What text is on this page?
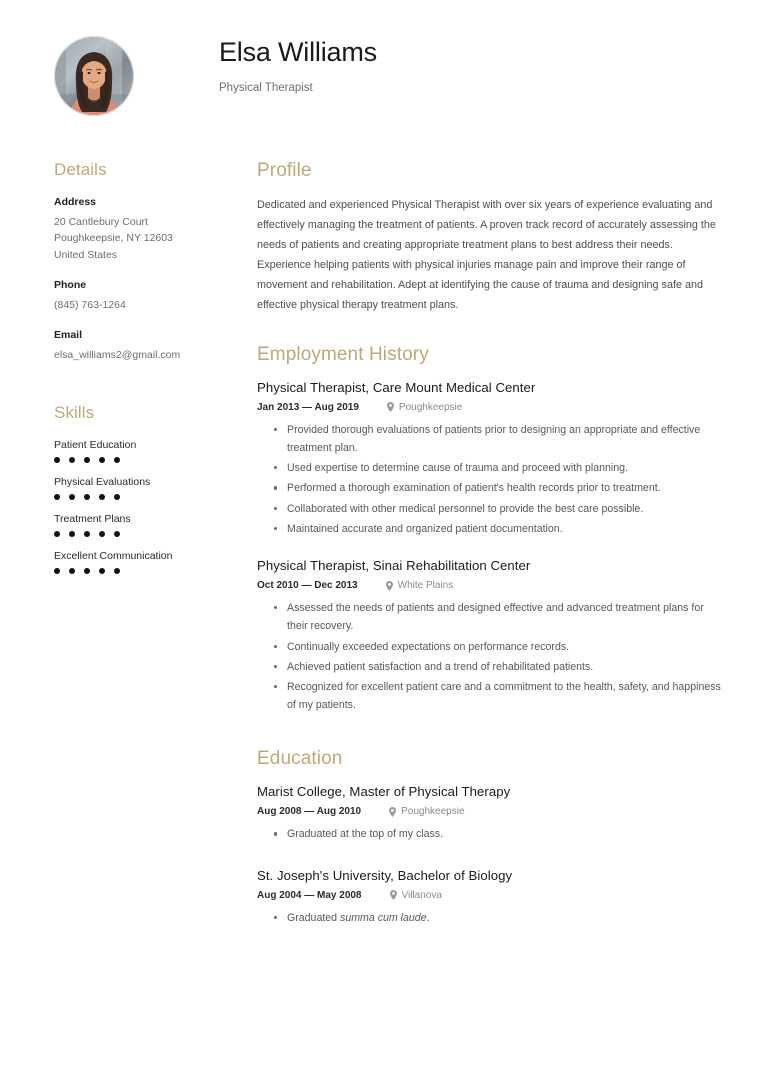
Elsa Williams
Physical Therapist
Details
Address
20 Cantlebury Court
Poughkeepsie, NY 12603
United States
Phone
(845) 763-1264
Email
elsa_williams2@gmail.com
Skills
Patient Education
Physical Evaluations
Treatment Plans
Excellent Communication
Profile

Dedicated and experienced Physical Therapist with over six years of experience evaluating and effectively managing the treatment of patients. A proven track record of accurately assessing the needs of patients and creating appropriate treatment plans to best address their needs. Experience helping patients with physical injuries manage pain and improve their range of movement and rehabilitation. Adept at identifying the cause of trauma and designing safe and effective physical therapy treatment plans.

Employment History
Physical Therapist, Care Mount Medical Center
Jan 2013 — Aug 2019	Poughkeepsie
Provided thorough evaluations of patients prior to designing an appropriate and effective treatment plan.
Used expertise to determine cause of trauma and proceed with planning.
Performed a thorough examination of patient's health records prior to treatment.
Collaborated with other medical personnel to provide the best care possible.
Maintained accurate and organized patient documentation.
Physical Therapist, Sinai Rehabilitation Center
Oct 2010 — Dec 2013	White Plains
Assessed the needs of patients and designed effective and advanced treatment plans for their recovery.
Continually exceeded expectations on performance records.
Achieved patient satisfaction and a trend of rehabilitated patients.
Recognized for excellent patient care and a commitment to the health, safety, and happiness of my patients.
Education
Marist College, Master of Physical Therapy
Aug 2008 — Aug 2010	Poughkeepsie
Graduated at the top of my class.
St. Joseph's University, Bachelor of Biology
Aug 2004 — May 2008	Villanova
Graduated summa cum laude.
